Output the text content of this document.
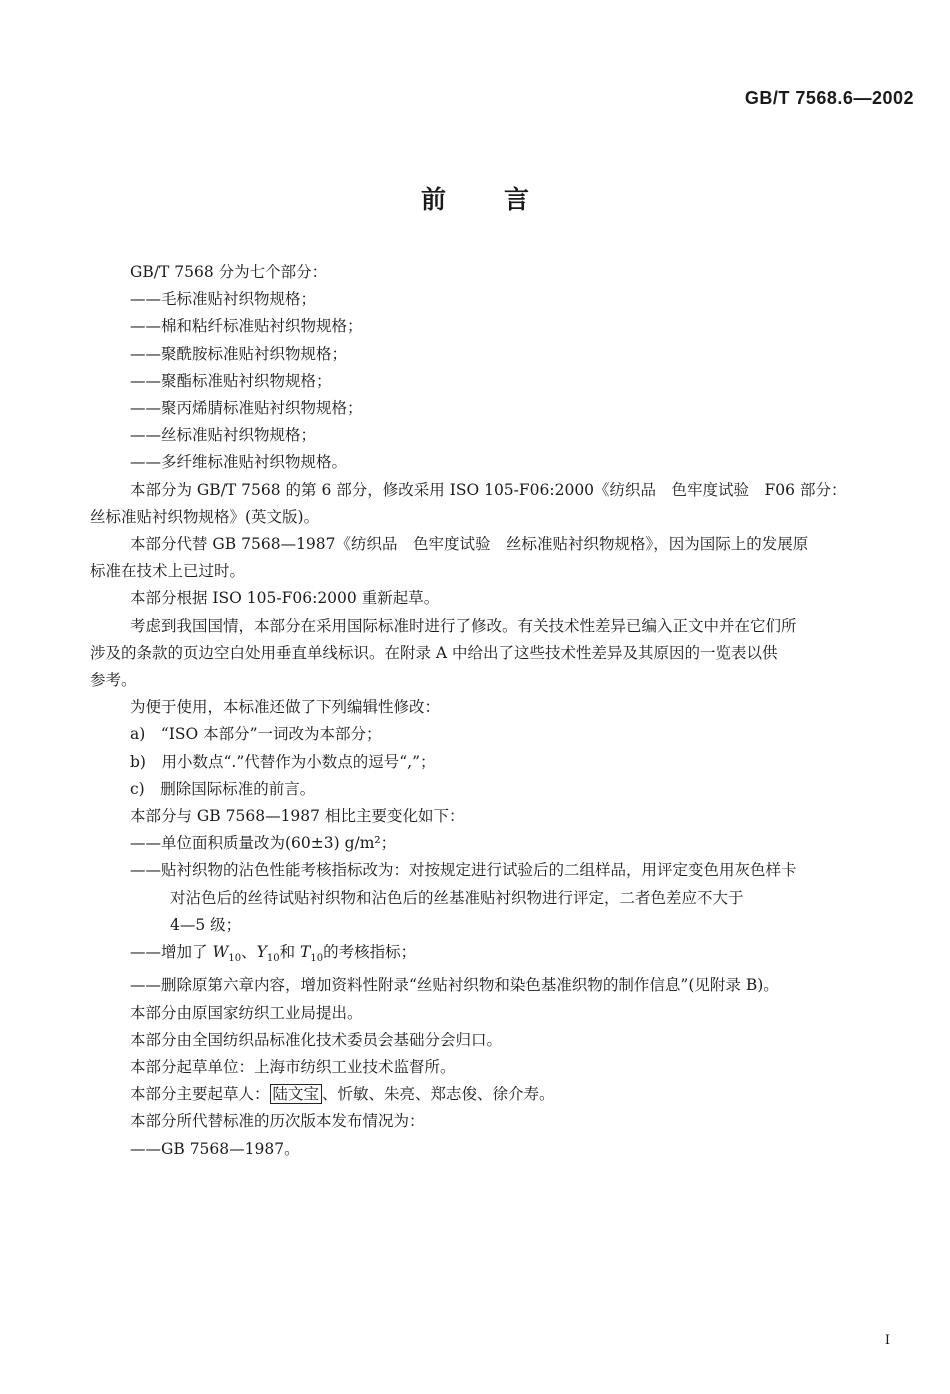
GB/T 7568.6—2002
前言
GB/T 7568 分为七个部分：
——毛标准贴衬织物规格；
——棉和粘纤标准贴衬织物规格；
——聚酰胺标准贴衬织物规格；
——聚酯标准贴衬织物规格；
——聚丙烯腈标准贴衬织物规格；
——丝标准贴衬织物规格；
——多纤维标准贴衬织物规格。
本部分为 GB/T 7568 的第 6 部分，修改采用 ISO 105-F06:2000《纺织品　色牢度试验　F06 部分：
丝标准贴衬织物规格》(英文版)。
本部分代替 GB 7568—1987《纺织品　色牢度试验　丝标准贴衬织物规格》，因为国际上的发展原
标准在技术上已过时。
本部分根据 ISO 105-F06:2000 重新起草。
考虑到我国国情，本部分在采用国际标准时进行了修改。有关技术性差异已编入正文中并在它们所
涉及的条款的页边空白处用垂直单线标识。在附录 A 中给出了这些技术性差异及其原因的一览表以供
参考。
为便于使用，本标准还做了下列编辑性修改：
a)　“ISO 本部分”一词改为本部分；
b)　用小数点“.”代替作为小数点的逗号“,”；
c)　删除国际标准的前言。
本部分与 GB 7568—1987 相比主要变化如下：
——单位面积质量改为(60±3) g/m²；
——贴衬织物的沾色性能考核指标改为：对按规定进行试验后的二组样品，用评定变色用灰色样卡
对沾色后的丝待试贴衬织物和沾色后的丝基准贴衬织物进行评定，二者色差应不大于
4—5 级；
——增加了 $W_{10}$、$Y_{10}$和 $T_{10}$的考核指标；
——删除原第六章内容，增加资料性附录“丝贴衬织物和染色基准织物的制作信息”(见附录 B)。
本部分由原国家纺织工业局提出。
本部分由全国纺织品标准化技术委员会基础分会归口。
本部分起草单位：上海市纺织工业技术监督所。
本部分主要起草人： 陆文宝 、忻敏、朱亮、郑志俊、徐介寿。
本部分所代替标准的历次版本发布情况为：
——GB 7568—1987。
I
